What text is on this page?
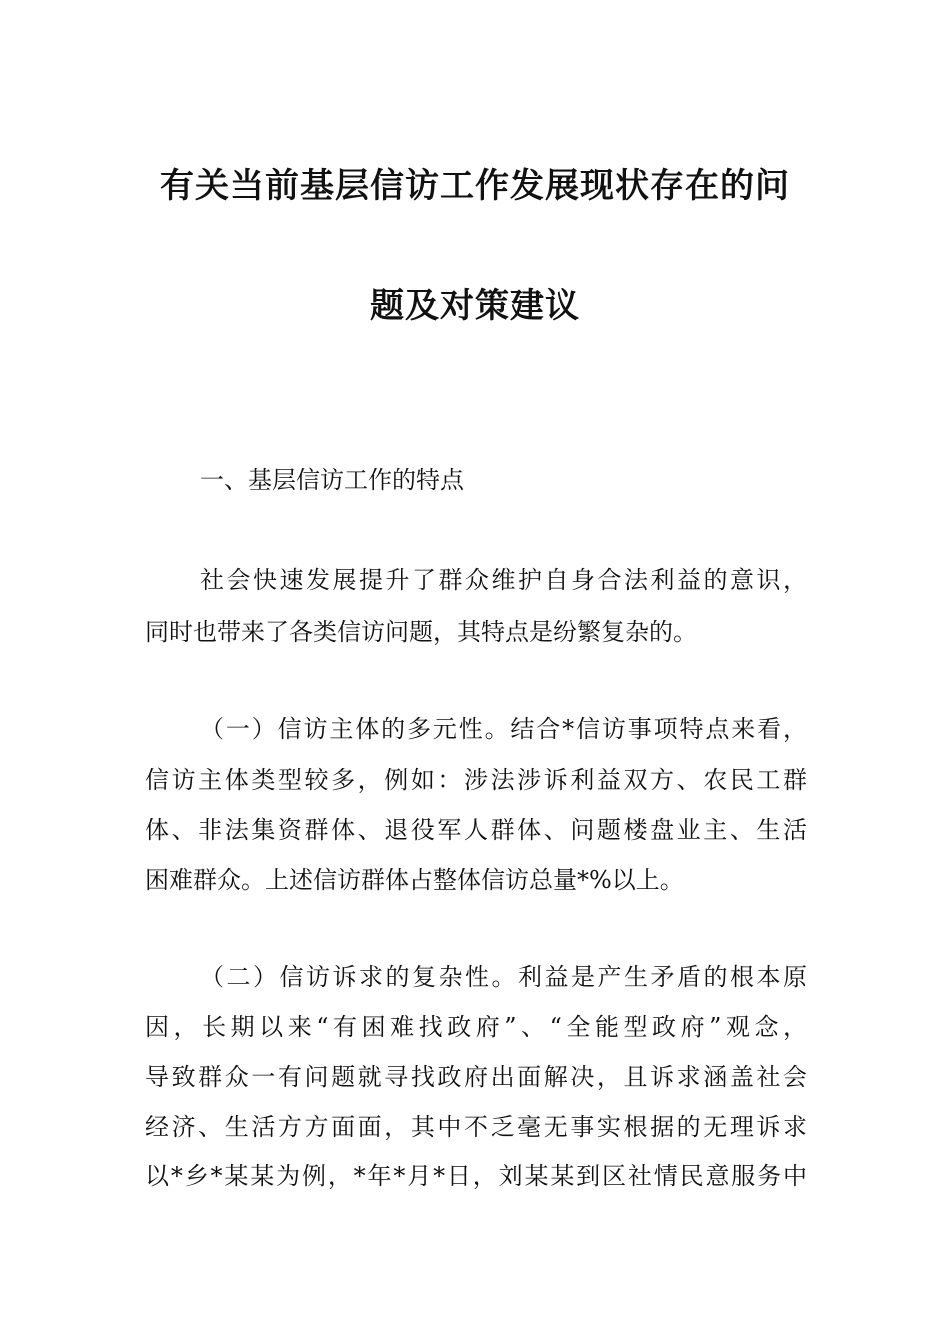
有关当前基层信访工作发展现状存在的问
题及对策建议
一、基层信访工作的特点
社会快速发展提升了群众维护自身合法利益的意识，
同时也带来了各类信访问题，其特点是纷繁复杂的。
（一）信访主体的多元性。结合*信访事项特点来看，
信访主体类型较多，例如：涉法涉诉利益双方、农民工群
体、非法集资群体、退役军人群体、问题楼盘业主、生活
困难群众。上述信访群体占整体信访总量*%以上。
（二）信访诉求的复杂性。利益是产生矛盾的根本原
因，长期以来“有困难找政府”、“全能型政府”观念，
导致群众一有问题就寻找政府出面解决，且诉求涵盖社会
经济、生活方方面面，其中不乏毫无事实根据的无理诉求
以*乡*某某为例，*年*月*日，刘某某到区社情民意服务中
